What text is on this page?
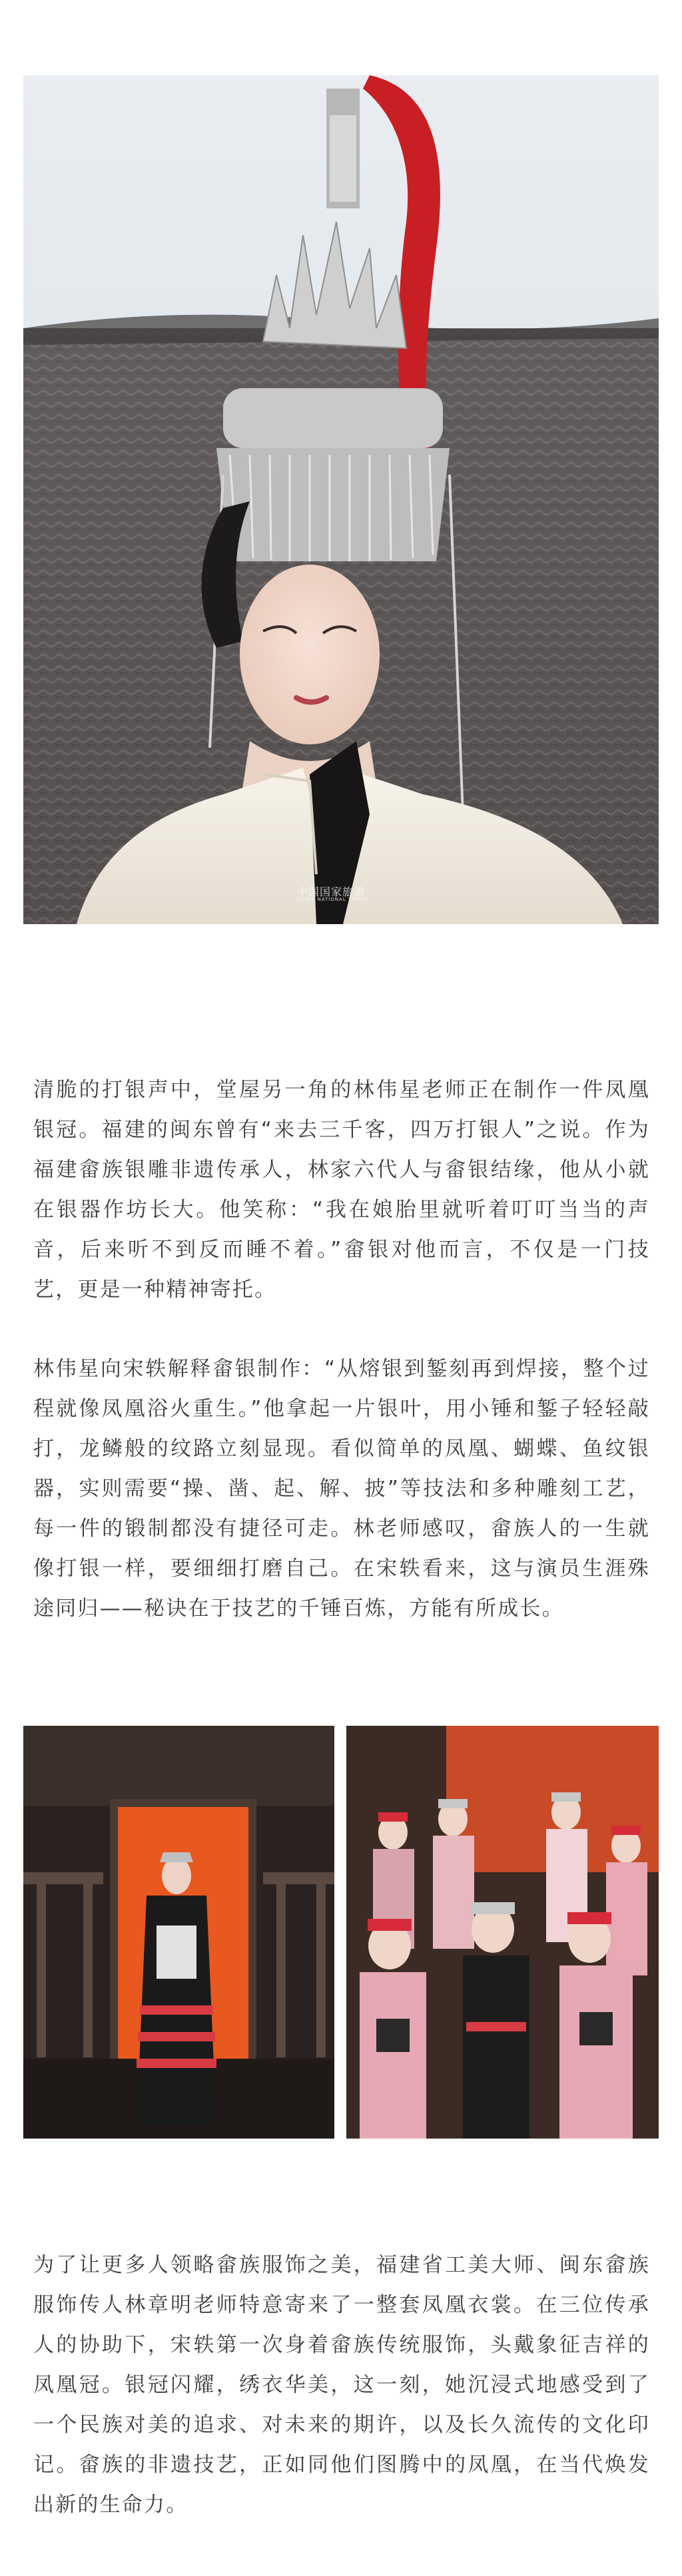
中国国家旅游
CHINA NATIONAL TRAVEL

清脆的打银声中，堂屋另一角的林伟星老师正在制作一件凤凰银冠。福建的闽东曾有“来去三千客，四万打银人”之说。作为福建畲族银雕非遗传承人，林家六代人与畲银结缘，他从小就在银器作坊长大。他笑称：“我在娘胎里就听着叮叮当当的声音，后来听不到反而睡不着。”畲银对他而言，不仅是一门技艺，更是一种精神寄托。

林伟星向宋轶解释畲银制作：“从熔银到錾刻再到焊接，整个过程就像凤凰浴火重生。”他拿起一片银叶，用小锤和錾子轻轻敲打，龙鳞般的纹路立刻显现。看似简单的凤凰、蝴蝶、鱼纹银器，实则需要“操、凿、起、解、披”等技法和多种雕刻工艺，每一件的锻制都没有捷径可走。林老师感叹，畲族人的一生就像打银一样，要细细打磨自己。在宋轶看来，这与演员生涯殊途同归——秘诀在于技艺的千锤百炼，方能有所成长。

为了让更多人领略畲族服饰之美，福建省工美大师、闽东畲族服饰传人林章明老师特意寄来了一整套凤凰衣裳。在三位传承人的协助下，宋轶第一次身着畲族传统服饰，头戴象征吉祥的凤凰冠。银冠闪耀，绣衣华美，这一刻，她沉浸式地感受到了一个民族对美的追求、对未来的期许，以及长久流传的文化印记。畲族的非遗技艺，正如同他们图腾中的凤凰，在当代焕发出新的生命力。
